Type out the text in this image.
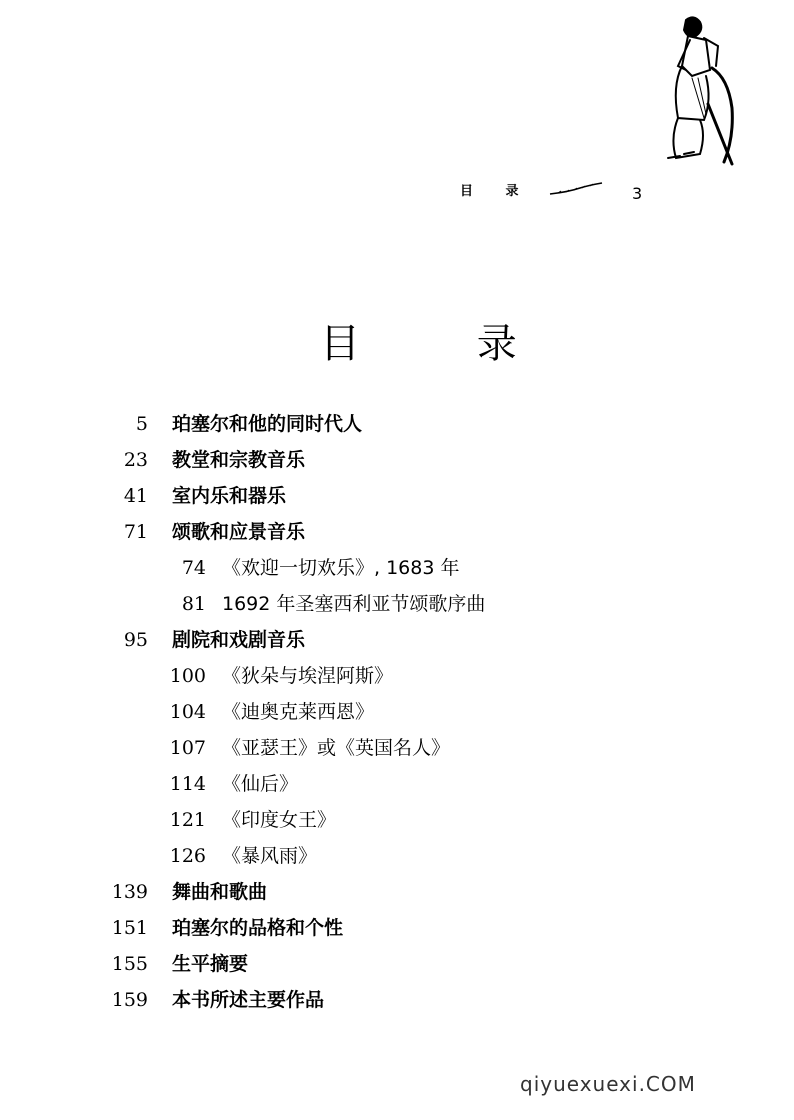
目 录	3
目 录
5 珀塞尔和他的同时代人
23 教堂和宗教音乐
41 室内乐和器乐
71 颂歌和应景音乐
74 《欢迎一切欢乐》, 1683 年
81 1692 年圣塞西利亚节颂歌序曲
95 剧院和戏剧音乐
100 《狄朵与埃涅阿斯》
104 《迪奥克莱西恩》
107 《亚瑟王》或《英国名人》
114 《仙后》
121 《印度女王》
126 《暴风雨》
139 舞曲和歌曲
151 珀塞尔的品格和个性
155 生平摘要
159 本书所述主要作品
qiyuexuexi.COM
